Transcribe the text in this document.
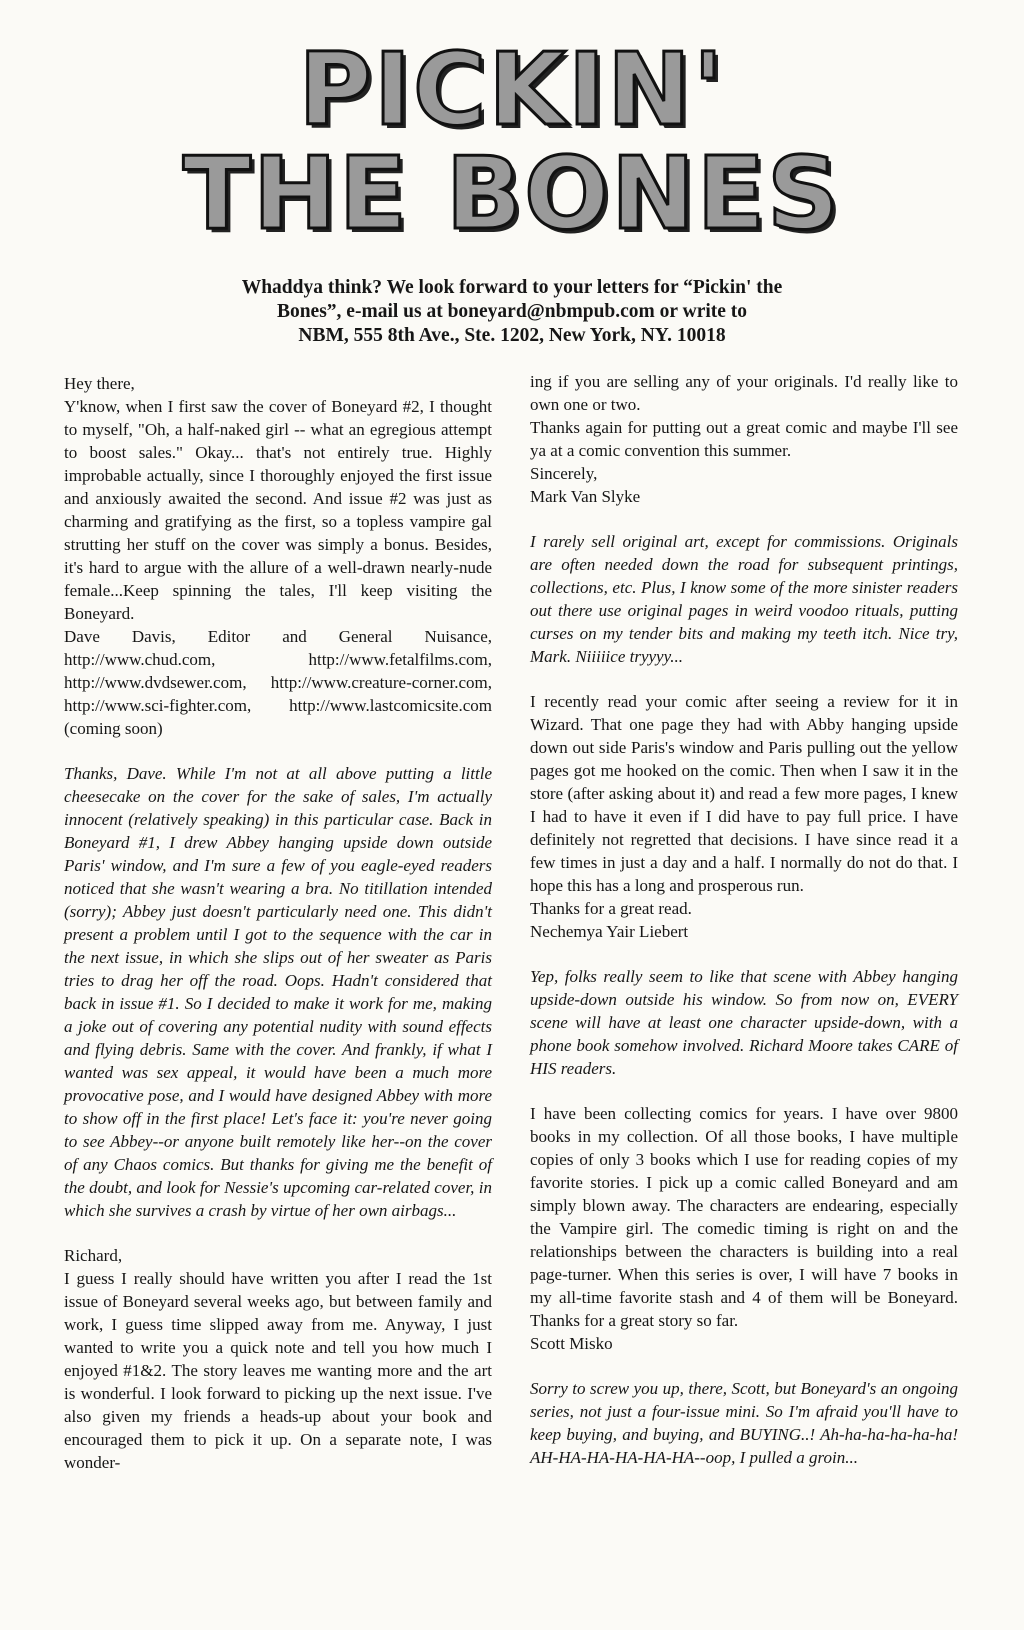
PICKIN'
THE BONES
Whaddya think? We look forward to your letters for “Pickin' the
Bones”, e-mail us at boneyard@nbmpub.com or write to
NBM, 555 8th Ave., Ste. 1202, New York, NY. 10018

Hey there,

Y'know, when I first saw the cover of Boneyard #2, I thought to myself, "Oh, a half-naked girl -- what an egregious attempt to boost sales." Okay... that's not entirely true. Highly improbable actually, since I thoroughly enjoyed the first issue and anxiously awaited the second. And issue #2 was just as charming and gratifying as the first, so a topless vampire gal strutting her stuff on the cover was simply a bonus. Besides, it's hard to argue with the allure of a well-drawn nearly-nude female...Keep spinning the tales, I'll keep visiting the Boneyard.

Dave Davis, Editor and General Nuisance, http://www.chud.com, http://www.fetalfilms.com, http://www.dvdsewer.com, http://www.creature-corner.com, http://www.sci-fighter.com, http://www.lastcomicsite.com (coming soon)

Thanks, Dave. While I'm not at all above putting a little cheesecake on the cover for the sake of sales, I'm actually innocent (relatively speaking) in this particular case. Back in Boneyard #1, I drew Abbey hanging upside down outside Paris' window, and I'm sure a few of you eagle-eyed readers noticed that she wasn't wearing a bra. No titillation intended (sorry); Abbey just doesn't particularly need one. This didn't present a problem until I got to the sequence with the car in the next issue, in which she slips out of her sweater as Paris tries to drag her off the road. Oops. Hadn't considered that back in issue #1. So I decided to make it work for me, making a joke out of covering any potential nudity with sound effects and flying debris. Same with the cover. And frankly, if what I wanted was sex appeal, it would have been a much more provocative pose, and I would have designed Abbey with more to show off in the first place! Let's face it: you're never going to see Abbey--or anyone built remotely like her--on the cover of any Chaos comics. But thanks for giving me the benefit of the doubt, and look for Nessie's upcoming car-related cover, in which she survives a crash by virtue of her own airbags...

Richard,

I guess I really should have written you after I read the 1st issue of Boneyard several weeks ago, but between family and work, I guess time slipped away from me. Anyway, I just wanted to write you a quick note and tell you how much I enjoyed #1&2. The story leaves me wanting more and the art is wonderful. I look forward to picking up the next issue. I've also given my friends a heads-up about your book and encouraged them to pick it up. On a separate note, I was wonder-

ing if you are selling any of your originals. I'd really like to own one or two.

Thanks again for putting out a great comic and maybe I'll see ya at a comic convention this summer.

Sincerely,

Mark Van Slyke

I rarely sell original art, except for commissions. Originals are often needed down the road for subsequent printings, collections, etc. Plus, I know some of the more sinister readers out there use original pages in weird voodoo rituals, putting curses on my tender bits and making my teeth itch. Nice try, Mark. Niiiiice tryyyy...

I recently read your comic after seeing a review for it in Wizard. That one page they had with Abby hanging upside down out side Paris's window and Paris pulling out the yellow pages got me hooked on the comic. Then when I saw it in the store (after asking about it) and read a few more pages, I knew I had to have it even if I did have to pay full price. I have definitely not regretted that decisions. I have since read it a few times in just a day and a half. I normally do not do that. I hope this has a long and prosperous run.

Thanks for a great read.

Nechemya Yair Liebert

Yep, folks really seem to like that scene with Abbey hanging upside-down outside his window. So from now on, EVERY scene will have at least one character upside-down, with a phone book somehow involved. Richard Moore takes CARE of HIS readers.

I have been collecting comics for years. I have over 9800 books in my collection. Of all those books, I have multiple copies of only 3 books which I use for reading copies of my favorite stories. I pick up a comic called Boneyard and am simply blown away. The characters are endearing, especially the Vampire girl. The comedic timing is right on and the relationships between the characters is building into a real page-turner. When this series is over, I will have 7 books in my all-time favorite stash and 4 of them will be Boneyard. Thanks for a great story so far.

Scott Misko

Sorry to screw you up, there, Scott, but Boneyard's an ongoing series, not just a four-issue mini. So I'm afraid you'll have to keep buying, and buying, and BUYING..! Ah-ha-ha-ha-ha-ha! AH-HA-HA-HA-HA-HA--oop, I pulled a groin...
